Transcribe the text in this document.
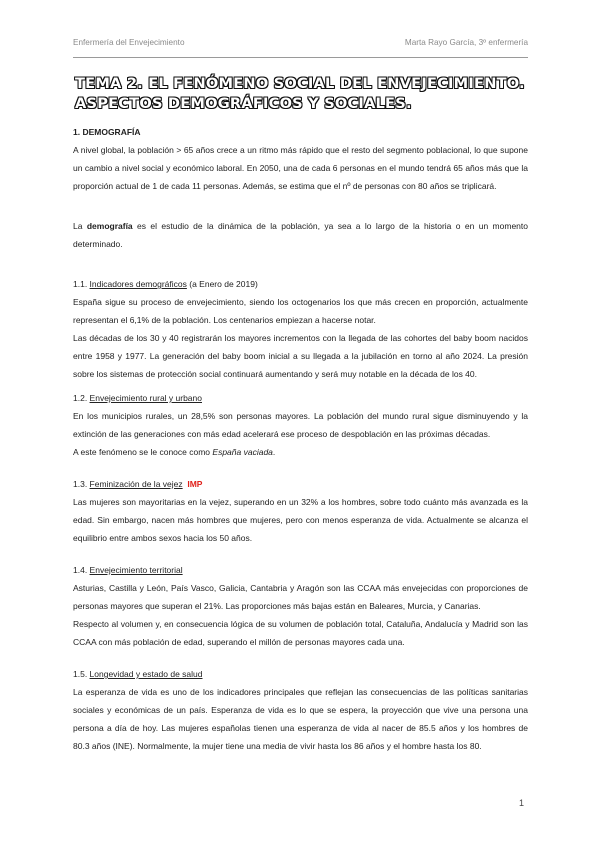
Enfermería del Envejecimiento	Marta Rayo García, 3º enfermería
TEMA 2. EL FENÓMENO SOCIAL DEL ENVEJECIMIENTO.
ASPECTOS DEMOGRÁFICOS Y SOCIALES.

1. DEMOGRAFÍA

A nivel global, la población > 65 años crece a un ritmo más rápido que el resto del segmento poblacional, lo que supone un cambio a nivel social y económico laboral. En 2050, una de cada 6 personas en el mundo tendrá 65 años más que la proporción actual de 1 de cada 11 personas. Además, se estima que el nº de personas con 80 años se triplicará.

La demografía es el estudio de la dinámica de la población, ya sea a lo largo de la historia o en un momento determinado.

1.1. Indicadores demográficos (a Enero de 2019)

España sigue su proceso de envejecimiento, siendo los octogenarios los que más crecen en proporción, actualmente representan el 6,1% de la población. Los centenarios empiezan a hacerse notar.

Las décadas de los 30 y 40 registrarán los mayores incrementos con la llegada de las cohortes del baby boom nacidos entre 1958 y 1977. La generación del baby boom inicial a su llegada a la jubilación en torno al año 2024. La presión sobre los sistemas de protección social continuará aumentando y será muy notable en la década de los 40.

1.2. Envejecimiento rural y urbano

En los municipios rurales, un 28,5% son personas mayores. La población del mundo rural sigue disminuyendo y la extinción de las generaciones con más edad acelerará ese proceso de despoblación en las próximas décadas.

A este fenómeno se le conoce como España vaciada.

1.3. Feminización de la vejez IMP

Las mujeres son mayoritarias en la vejez, superando en un 32% a los hombres, sobre todo cuánto más avanzada es la edad. Sin embargo, nacen más hombres que mujeres, pero con menos esperanza de vida. Actualmente se alcanza el equilibrio entre ambos sexos hacia los 50 años.

1.4. Envejecimiento territorial

Asturias, Castilla y León, País Vasco, Galicia, Cantabria y Aragón son las CCAA más envejecidas con proporciones de personas mayores que superan el 21%. Las proporciones más bajas están en Baleares, Murcia, y Canarias.

Respecto al volumen y, en consecuencia lógica de su volumen de población total, Cataluña, Andalucía y Madrid son las CCAA con más población de edad, superando el millón de personas mayores cada una.

1.5. Longevidad y estado de salud

La esperanza de vida es uno de los indicadores principales que reflejan las consecuencias de las políticas sanitarias sociales y económicas de un país. Esperanza de vida es lo que se espera, la proyección que vive una persona una persona a día de hoy. Las mujeres españolas tienen una esperanza de vida al nacer de 85.5 años y los hombres de 80.3 años (INE). Normalmente, la mujer tiene una media de vivir hasta los 86 años y el hombre hasta los 80.

1
